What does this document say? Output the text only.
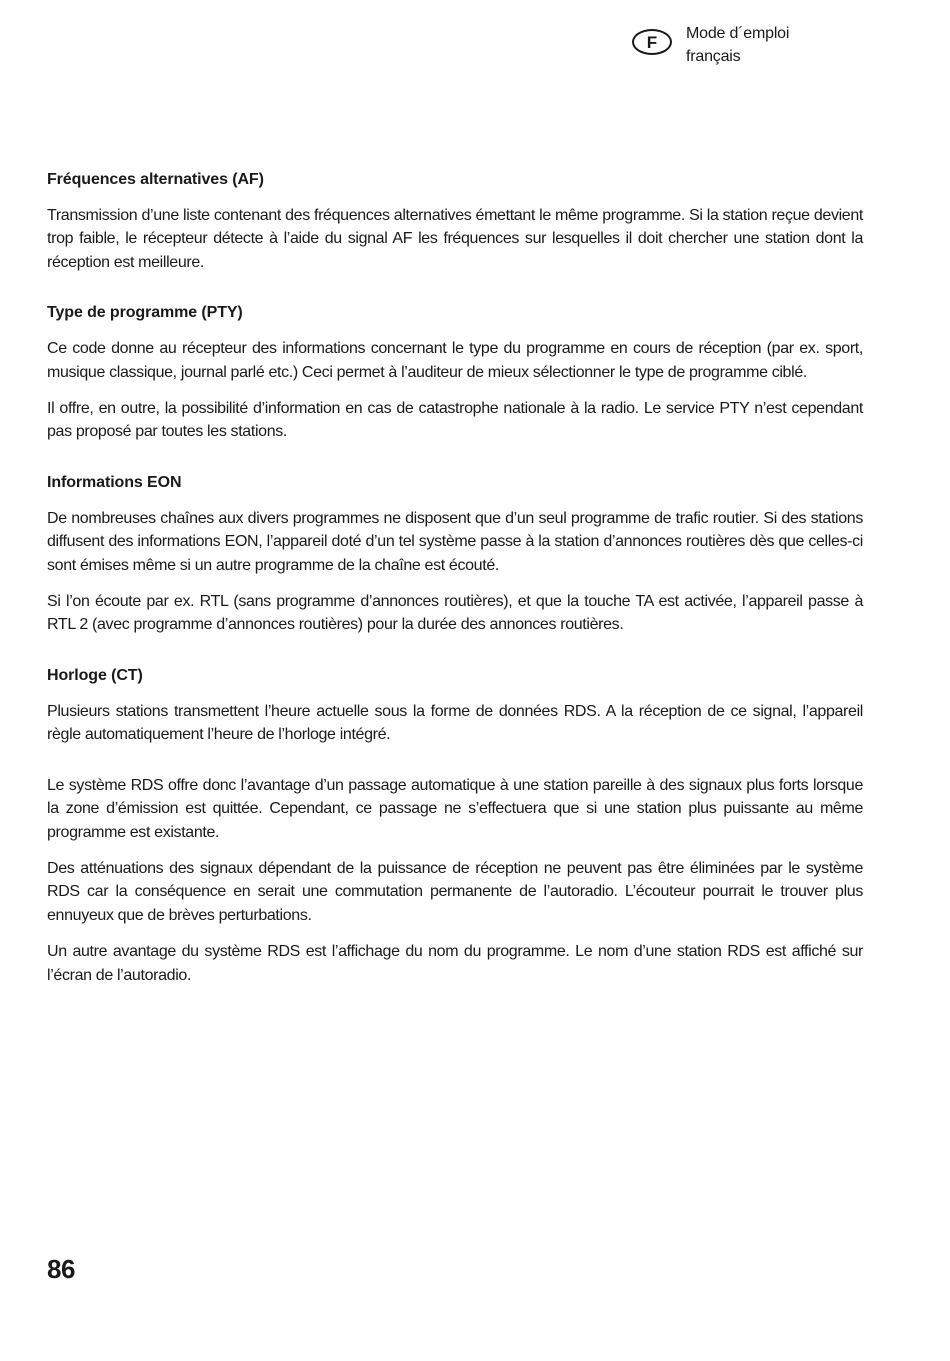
F	Mode d´emploi
français
Fréquences alternatives (AF)

Transmission d’une liste contenant des fréquences alternatives émettant le même programme. Si la station reçue devient trop faible, le récepteur détecte à l’aide du signal AF les fréquences sur lesquelles il doit chercher une station dont la réception est meilleure.

Type de programme (PTY)

Ce code donne au récepteur des informations concernant le type du programme en cours de réception (par ex. sport, musique classique, journal parlé etc.) Ceci permet à l’auditeur de mieux sélectionner le type de programme ciblé.

Il offre, en outre, la possibilité d’information en cas de catastrophe nationale à la radio. Le service PTY n’est cependant pas proposé par toutes les stations.

Informations EON

De nombreuses chaînes aux divers programmes ne disposent que d’un seul programme de trafic routier. Si des stations diffusent des informations EON, l’appareil doté d’un tel système passe à la station d’annonces routières dès que celles-ci sont émises même si un autre programme de la chaîne est écouté.

Si l’on écoute par ex. RTL (sans programme d’annonces routières), et que la touche TA est activée, l’appareil passe à RTL 2 (avec programme d’annonces routières) pour la durée des annonces routières.

Horloge (CT)

Plusieurs stations transmettent l’heure actuelle sous la forme de données RDS. A la réception de ce signal, l’appareil règle automatiquement l’heure de l’horloge intégré.

Le système RDS offre donc l’avantage d’un passage automatique à une station pareille à des signaux plus forts lorsque la zone d’émission est quittée. Cependant, ce passage ne s’effectuera que si une station plus puissante au même programme est existante.

Des atténuations des signaux dépendant de la puissance de réception ne peuvent pas être éliminées par le système RDS car la conséquence en serait une commutation permanente de l’autoradio. L’écouteur pourrait le trouver plus ennuyeux que de brèves perturbations.

Un autre avantage du système RDS est l’affichage du nom du programme. Le nom d’une station RDS est affiché sur l’écran de l’autoradio.

86
